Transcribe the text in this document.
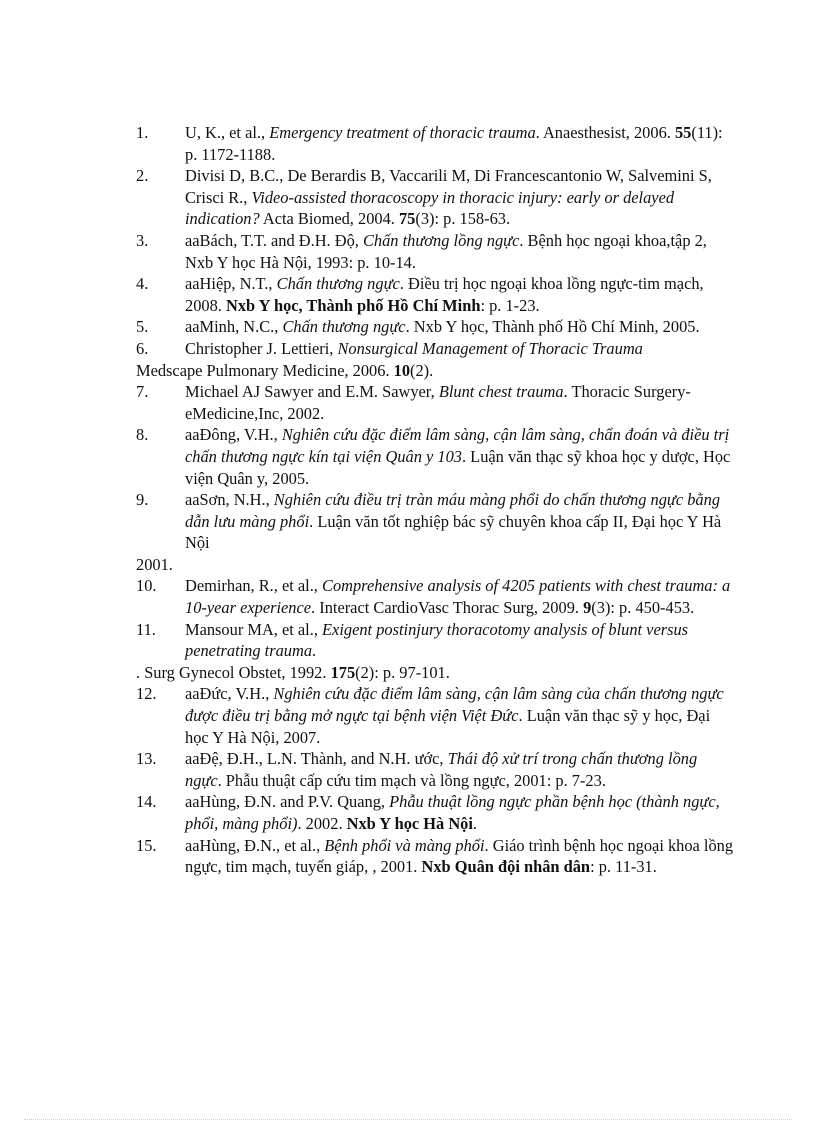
1. U, K., et al., Emergency treatment of thoracic trauma. Anaesthesist, 2006. 55(11): p. 1172-1188.
2. Divisi D, B.C., De Berardis B, Vaccarili M, Di Francescantonio W, Salvemini S, Crisci R., Video-assisted thoracoscopy in thoracic injury: early or delayed indication? Acta Biomed, 2004. 75(3): p. 158-63.
3. aaBách, T.T. and Đ.H. Độ, Chấn thương lồng ngực. Bệnh học ngoại khoa,tập 2, Nxb Y học Hà Nội, 1993: p. 10-14.
4. aaHiệp, N.T., Chấn thương ngực. Điều trị học ngoại khoa lồng ngực-tim mạch, 2008. Nxb Y học, Thành phố Hồ Chí Minh: p. 1-23.
5. aaMinh, N.C., Chấn thương ngực. Nxb Y học, Thành phố Hồ Chí Minh, 2005.
6. Christopher J. Lettieri, Nonsurgical Management of Thoracic Trauma
Medscape Pulmonary Medicine, 2006. 10(2).
7. Michael AJ Sawyer and E.M. Sawyer, Blunt chest trauma. Thoracic Surgery-eMedicine,Inc, 2002.
8. aaĐông, V.H., Nghiên cứu đặc điểm lâm sàng, cận lâm sàng, chẩn đoán và điều trị chấn thương ngực kín tại viện Quân y 103. Luận văn thạc sỹ khoa học y dược, Học viện Quân y, 2005.
9. aaSơn, N.H., Nghiên cứu điều trị tràn máu màng phổi do chấn thương ngực bằng dẫn lưu màng phổi. Luận văn tốt nghiệp bác sỹ chuyên khoa cấp II, Đại học Y Hà Nội
2001.
10. Demirhan, R., et al., Comprehensive analysis of 4205 patients with chest trauma: a 10-year experience. Interact CardioVasc Thorac Surg, 2009. 9(3): p. 450-453.
11. Mansour MA, et al., Exigent postinjury thoracotomy analysis of blunt versus penetrating trauma.
. Surg Gynecol Obstet, 1992. 175(2): p. 97-101.
12. aaĐức, V.H., Nghiên cứu đặc điểm lâm sàng, cận lâm sàng của chấn thương ngực được điều trị bằng mở ngực tại bệnh viện Việt Đức. Luận văn thạc sỹ y học, Đại học Y Hà Nội, 2007.
13. aaĐệ, Đ.H., L.N. Thành, and N.H. ước, Thái độ xử trí trong chấn thương lồng ngực. Phẫu thuật cấp cứu tim mạch và lồng ngực, 2001: p. 7-23.
14. aaHùng, Đ.N. and P.V. Quang, Phẫu thuật lồng ngực phần bệnh học (thành ngực, phổi, màng phổi). 2002. Nxb Y học Hà Nội.
15. aaHùng, Đ.N., et al., Bệnh phổi và màng phổi. Giáo trình bệnh học ngoại khoa lồng ngực, tim mạch, tuyến giáp, , 2001. Nxb Quân đội nhân dân: p. 11-31.
